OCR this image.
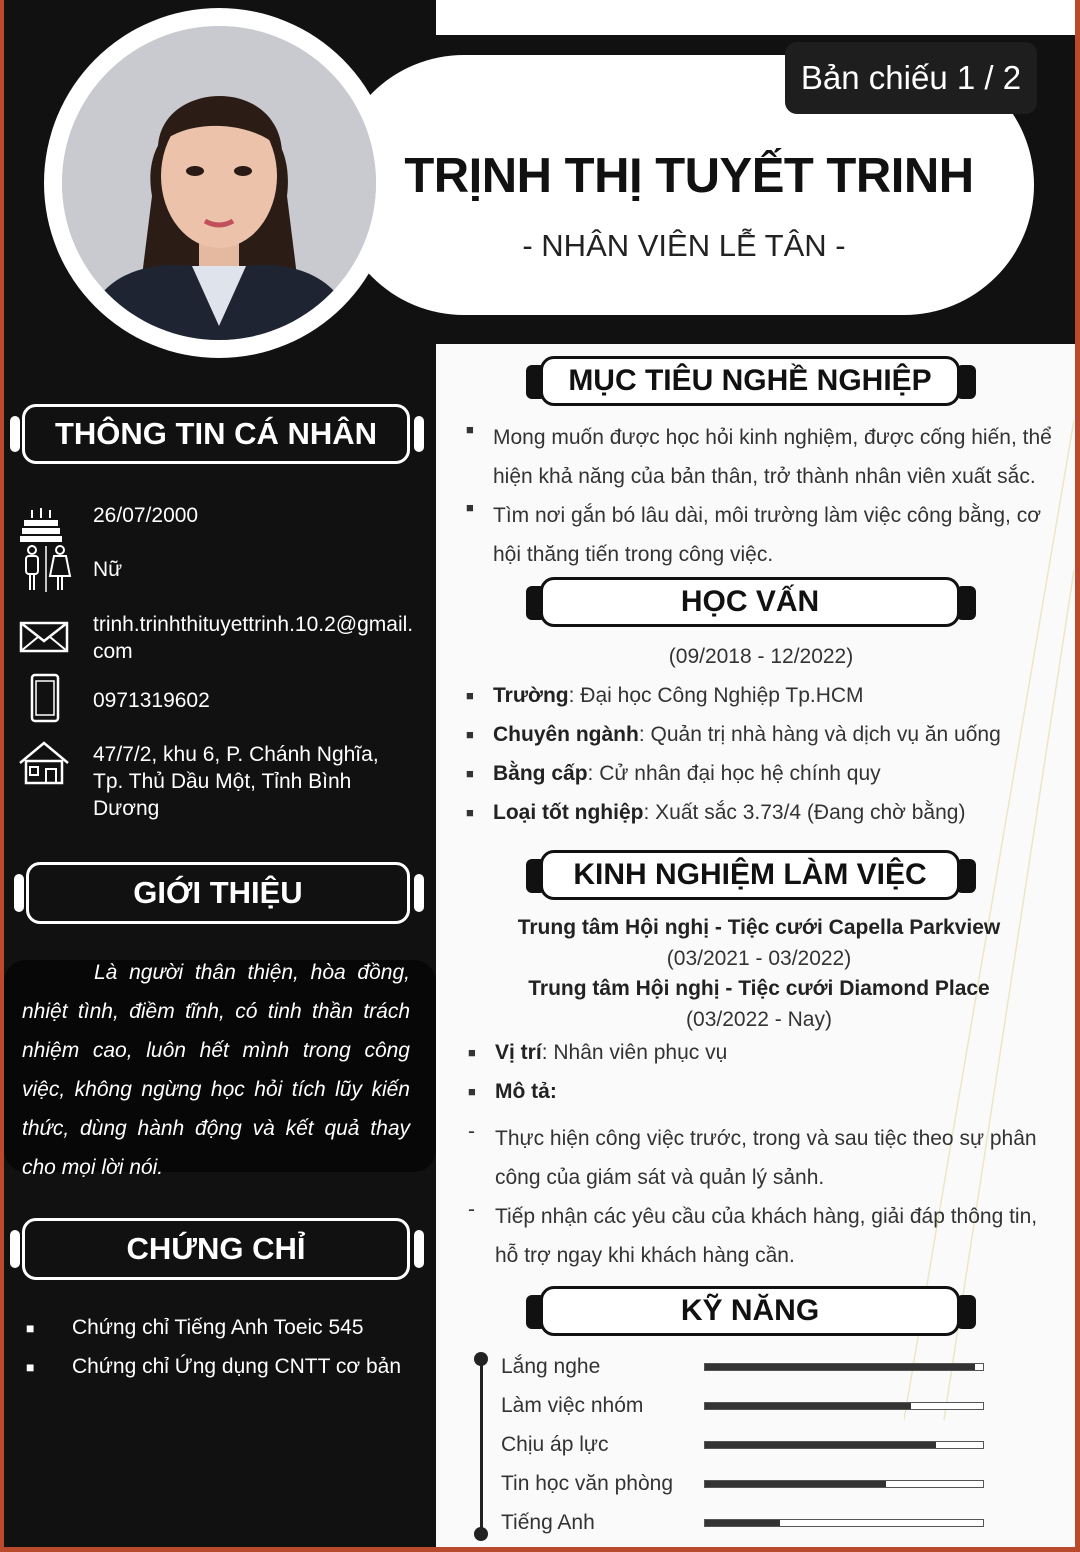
Bản chiếu 1 / 2
TRỊNH THỊ TUYẾT TRINH
- NHÂN VIÊN LỄ TÂN -
THÔNG TIN CÁ NHÂN
26/07/2000
Nữ
trinh.trinhthituyettrinh.10.2@gmail.
com
0971319602
47/7/2, khu 6, P. Chánh Nghĩa,
Tp. Thủ Dầu Một, Tỉnh Bình
Dương
GIỚI THIỆU
Là người thân thiện, hòa đồng, nhiệt tình, điềm tĩnh, có tinh thần trách nhiệm cao, luôn hết mình trong công việc, không ngừng học hỏi tích lũy kiến thức, dùng hành động và kết quả thay cho mọi lời nói.
CHỨNG CHỈ
■ Chứng chỉ Tiếng Anh Toeic 545
■ Chứng chỉ Ứng dụng CNTT cơ bản
MỤC TIÊU NGHỀ NGHIỆP
■ Mong muốn được học hỏi kinh nghiệm, được cống hiến, thể
hiện khả năng của bản thân, trở thành nhân viên xuất sắc.
■ Tìm nơi gắn bó lâu dài, môi trường làm việc công bằng, cơ
hội thăng tiến trong công việc.
HỌC VẤN
(09/2018 - 12/2022)
■ Trường: Đại học Công Nghiệp Tp.HCM
■ Chuyên ngành: Quản trị nhà hàng và dịch vụ ăn uống
■ Bằng cấp: Cử nhân đại học hệ chính quy
■ Loại tốt nghiệp: Xuất sắc 3.73/4 (Đang chờ bằng)
KINH NGHIỆM LÀM VIỆC
Trung tâm Hội nghị - Tiệc cưới Capella Parkview
(03/2021 - 03/2022)
Trung tâm Hội nghị - Tiệc cưới Diamond Place
(03/2022 - Nay)
■ Vị trí: Nhân viên phục vụ
■ Mô tả:
- Thực hiện công việc trước, trong và sau tiệc theo sự phân
công của giám sát và quản lý sảnh.
- Tiếp nhận các yêu cầu của khách hàng, giải đáp thông tin,
hỗ trợ ngay khi khách hàng cần.
KỸ NĂNG
Lắng nghe
Làm việc nhóm
Chịu áp lực
Tin học văn phòng
Tiếng Anh
